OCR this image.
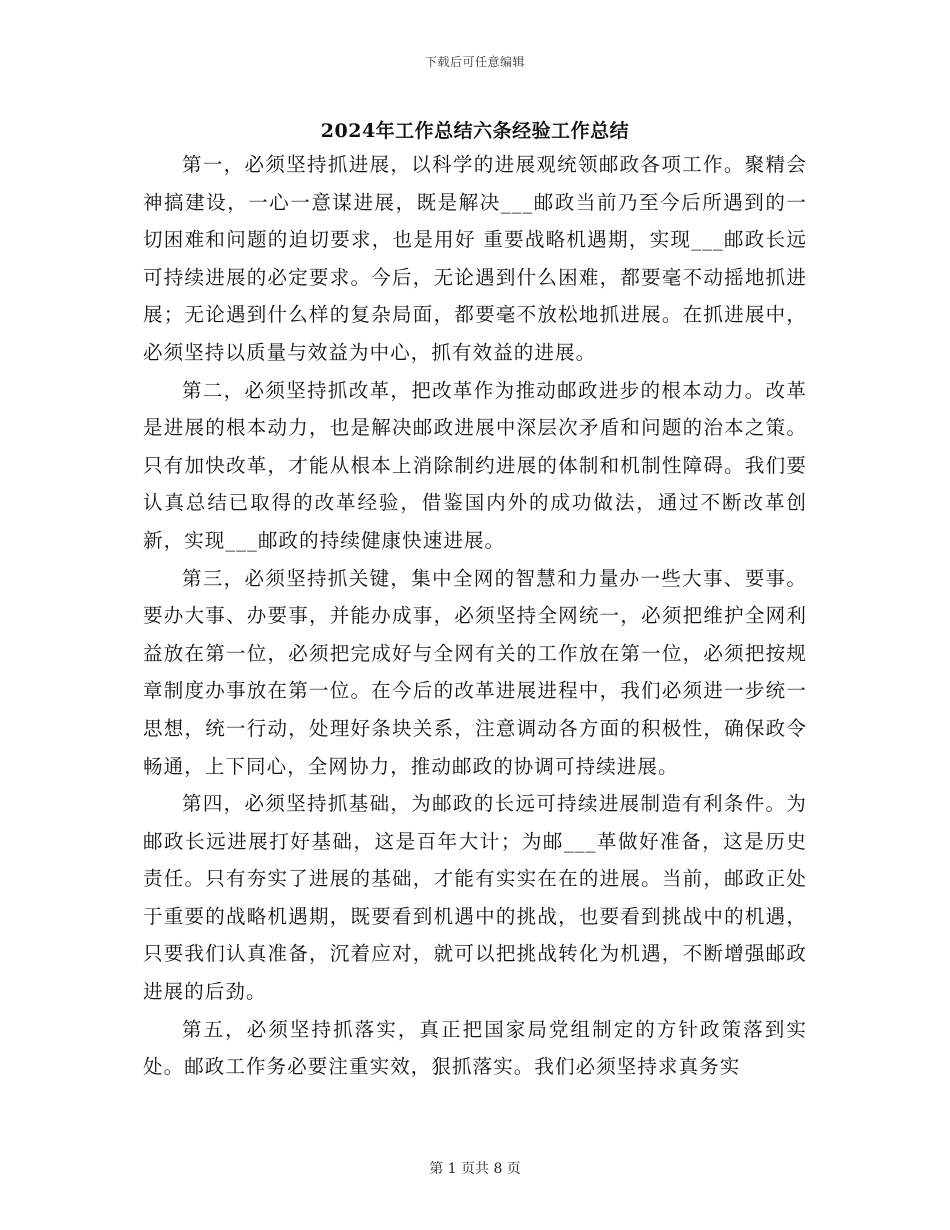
下载后可任意编辑
2024年工作总结六条经验工作总结

第一，必须坚持抓进展，以科学的进展观统领邮政各项工作。聚精会神搞建设，一心一意谋进展，既是解决___邮政当前乃至今后所遇到的一切困难和问题的迫切要求，也是用好 重要战略机遇期，实现___邮政长远可持续进展的必定要求。今后，无论遇到什么困难，都要毫不动摇地抓进展；无论遇到什么样的复杂局面，都要毫不放松地抓进展。在抓进展中，必须坚持以质量与效益为中心，抓有效益的进展。

第二，必须坚持抓改革，把改革作为推动邮政进步的根本动力。改革是进展的根本动力，也是解决邮政进展中深层次矛盾和问题的治本之策。只有加快改革，才能从根本上消除制约进展的体制和机制性障碍。我们要认真总结已取得的改革经验，借鉴国内外的成功做法，通过不断改革创新，实现___邮政的持续健康快速进展。

第三，必须坚持抓关键，集中全网的智慧和力量办一些大事、要事。要办大事、办要事，并能办成事，必须坚持全网统一，必须把维护全网利益放在第一位，必须把完成好与全网有关的工作放在第一位，必须把按规章制度办事放在第一位。在今后的改革进展进程中，我们必须进一步统一思想，统一行动，处理好条块关系，注意调动各方面的积极性，确保政令畅通，上下同心，全网协力，推动邮政的协调可持续进展。

第四，必须坚持抓基础，为邮政的长远可持续进展制造有利条件。为邮政长远进展打好基础，这是百年大计；为邮___革做好准备，这是历史责任。只有夯实了进展的基础，才能有实实在在的进展。当前，邮政正处于重要的战略机遇期，既要看到机遇中的挑战，也要看到挑战中的机遇，只要我们认真准备，沉着应对，就可以把挑战转化为机遇，不断增强邮政进展的后劲。

第五，必须坚持抓落实，真正把国家局党组制定的方针政策落到实处。邮政工作务必要注重实效，狠抓落实。我们必须坚持求真务实

第 1 页共 8 页
